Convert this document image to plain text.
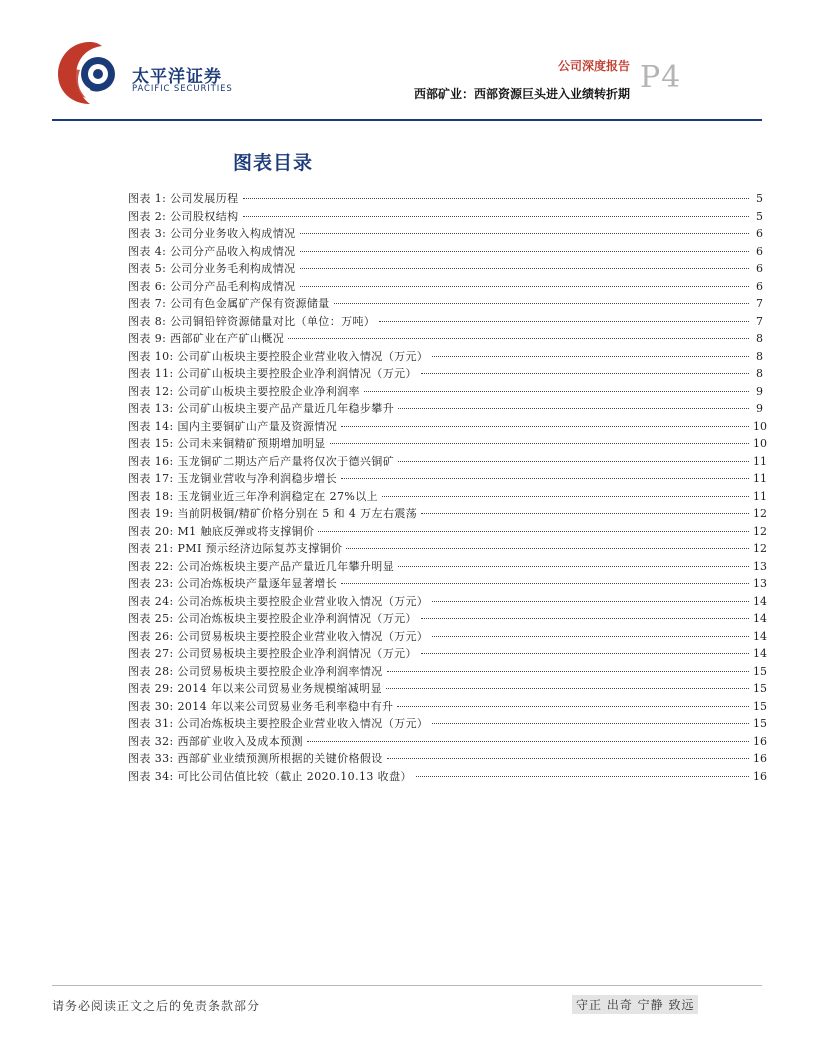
太平洋证券
PACIFIC SECURITIES
公司深度报告
西部矿业：西部资源巨头进入业绩转折期 P4
图表目录
图表 1: 公司发展历程	5
图表 2: 公司股权结构	5
图表 3: 公司分业务收入构成情况	6
图表 4: 公司分产品收入构成情况	6
图表 5: 公司分业务毛利构成情况	6
图表 6: 公司分产品毛利构成情况	6
图表 7: 公司有色金属矿产保有资源储量	7
图表 8: 公司铜铅锌资源储量对比（单位：万吨）	7
图表 9: 西部矿业在产矿山概况	8
图表 10: 公司矿山板块主要控股企业营业收入情况（万元）	8
图表 11: 公司矿山板块主要控股企业净利润情况（万元）	8
图表 12: 公司矿山板块主要控股企业净利润率	9
图表 13: 公司矿山板块主要产品产量近几年稳步攀升	9
图表 14: 国内主要铜矿山产量及资源情况	10
图表 15: 公司未来铜精矿预期增加明显	10
图表 16: 玉龙铜矿二期达产后产量将仅次于德兴铜矿	11
图表 17: 玉龙铜业营收与净利润稳步增长	11
图表 18: 玉龙铜业近三年净利润稳定在 27%以上	11
图表 19: 当前阴极铜/精矿价格分别在 5 和 4 万左右震荡	12
图表 20: M1 触底反弹或将支撑铜价	12
图表 21: PMI 预示经济边际复苏支撑铜价	12
图表 22: 公司冶炼板块主要产品产量近几年攀升明显	13
图表 23: 公司冶炼板块产量逐年显著增长	13
图表 24: 公司冶炼板块主要控股企业营业收入情况（万元）	14
图表 25: 公司冶炼板块主要控股企业净利润情况（万元）	14
图表 26: 公司贸易板块主要控股企业营业收入情况（万元）	14
图表 27: 公司贸易板块主要控股企业净利润情况（万元）	14
图表 28: 公司贸易板块主要控股企业净利润率情况	15
图表 29: 2014 年以来公司贸易业务规模缩减明显	15
图表 30: 2014 年以来公司贸易业务毛利率稳中有升	15
图表 31: 公司冶炼板块主要控股企业营业收入情况（万元）	15
图表 32: 西部矿业收入及成本预测	16
图表 33: 西部矿业业绩预测所根据的关键价格假设	16
图表 34: 可比公司估值比较（截止 2020.10.13 收盘）	16
请务必阅读正文之后的免责条款部分	守正 出奇 宁静 致远
